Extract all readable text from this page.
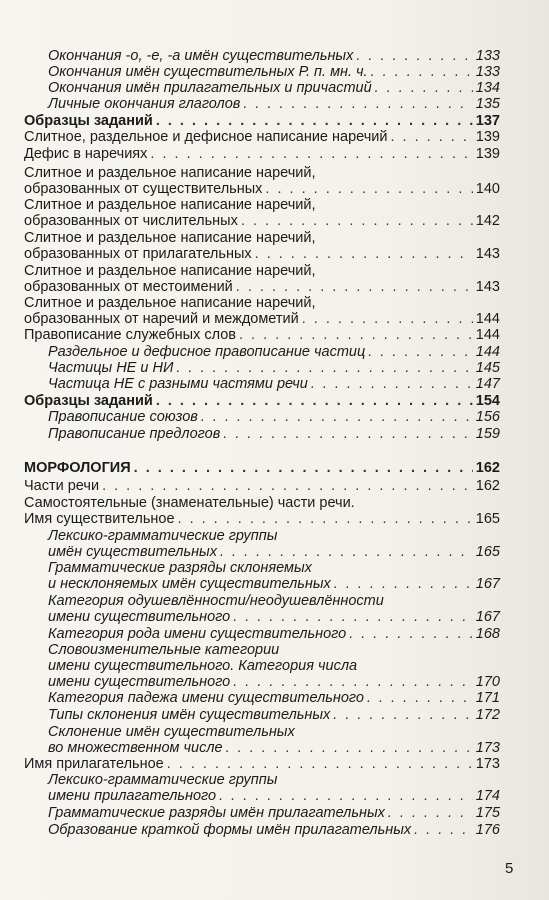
Окончания -о, -е, -а имён существительных . . .	133
Окончания имён существительных Р. п. мн. ч. . . .	133
Окончания имён прилагательных и причастий . . .	134
Личные окончания глаголов . . .	135
Образцы заданий . . .	137
Слитное, раздельное и дефисное написание наречий . . .	139
Дефис в наречиях . . .	139
Слитное и раздельное написание наречий,
образованных от существительных . . .	140
Слитное и раздельное написание наречий,
образованных от числительных . . .	142
Слитное и раздельное написание наречий,
образованных от прилагательных . . .	143
Слитное и раздельное написание наречий,
образованных от местоимений . . .	143
Слитное и раздельное написание наречий,
образованных от наречий и междометий . . .	144
Правописание служебных слов . . .	144
Раздельное и дефисное правописание частиц . . .	144
Частицы НЕ и НИ . . .	145
Частица НЕ с разными частями речи . . .	147
Образцы заданий . . .	154
Правописание союзов . . .	156
Правописание предлогов . . .	159
МОРФОЛОГИЯ . . .	162
Части речи . . .	162
Самостоятельные (знаменательные) части речи.
Имя существительное . . .	165
Лексико-грамматические группы
имён существительных . . .	165
Грамматические разряды склоняемых
и несклоняемых имён существительных . . .	167
Категория одушевлённости/неодушевлённости
имени существительного . . .	167
Категория рода имени существительного . . .	168
Словоизменительные категории
имени существительного. Категория числа
имени существительного . . .	170
Категория падежа имени существительного . . .	171
Типы склонения имён существительных . . .	172
Склонение имён существительных
во множественном числе . . .	173
Имя прилагательное . . .	173
Лексико-грамматические группы
имени прилагательного . . .	174
Грамматические разряды имён прилагательных . . .	175
Образование краткой формы имён прилагательных . . .	176
5
